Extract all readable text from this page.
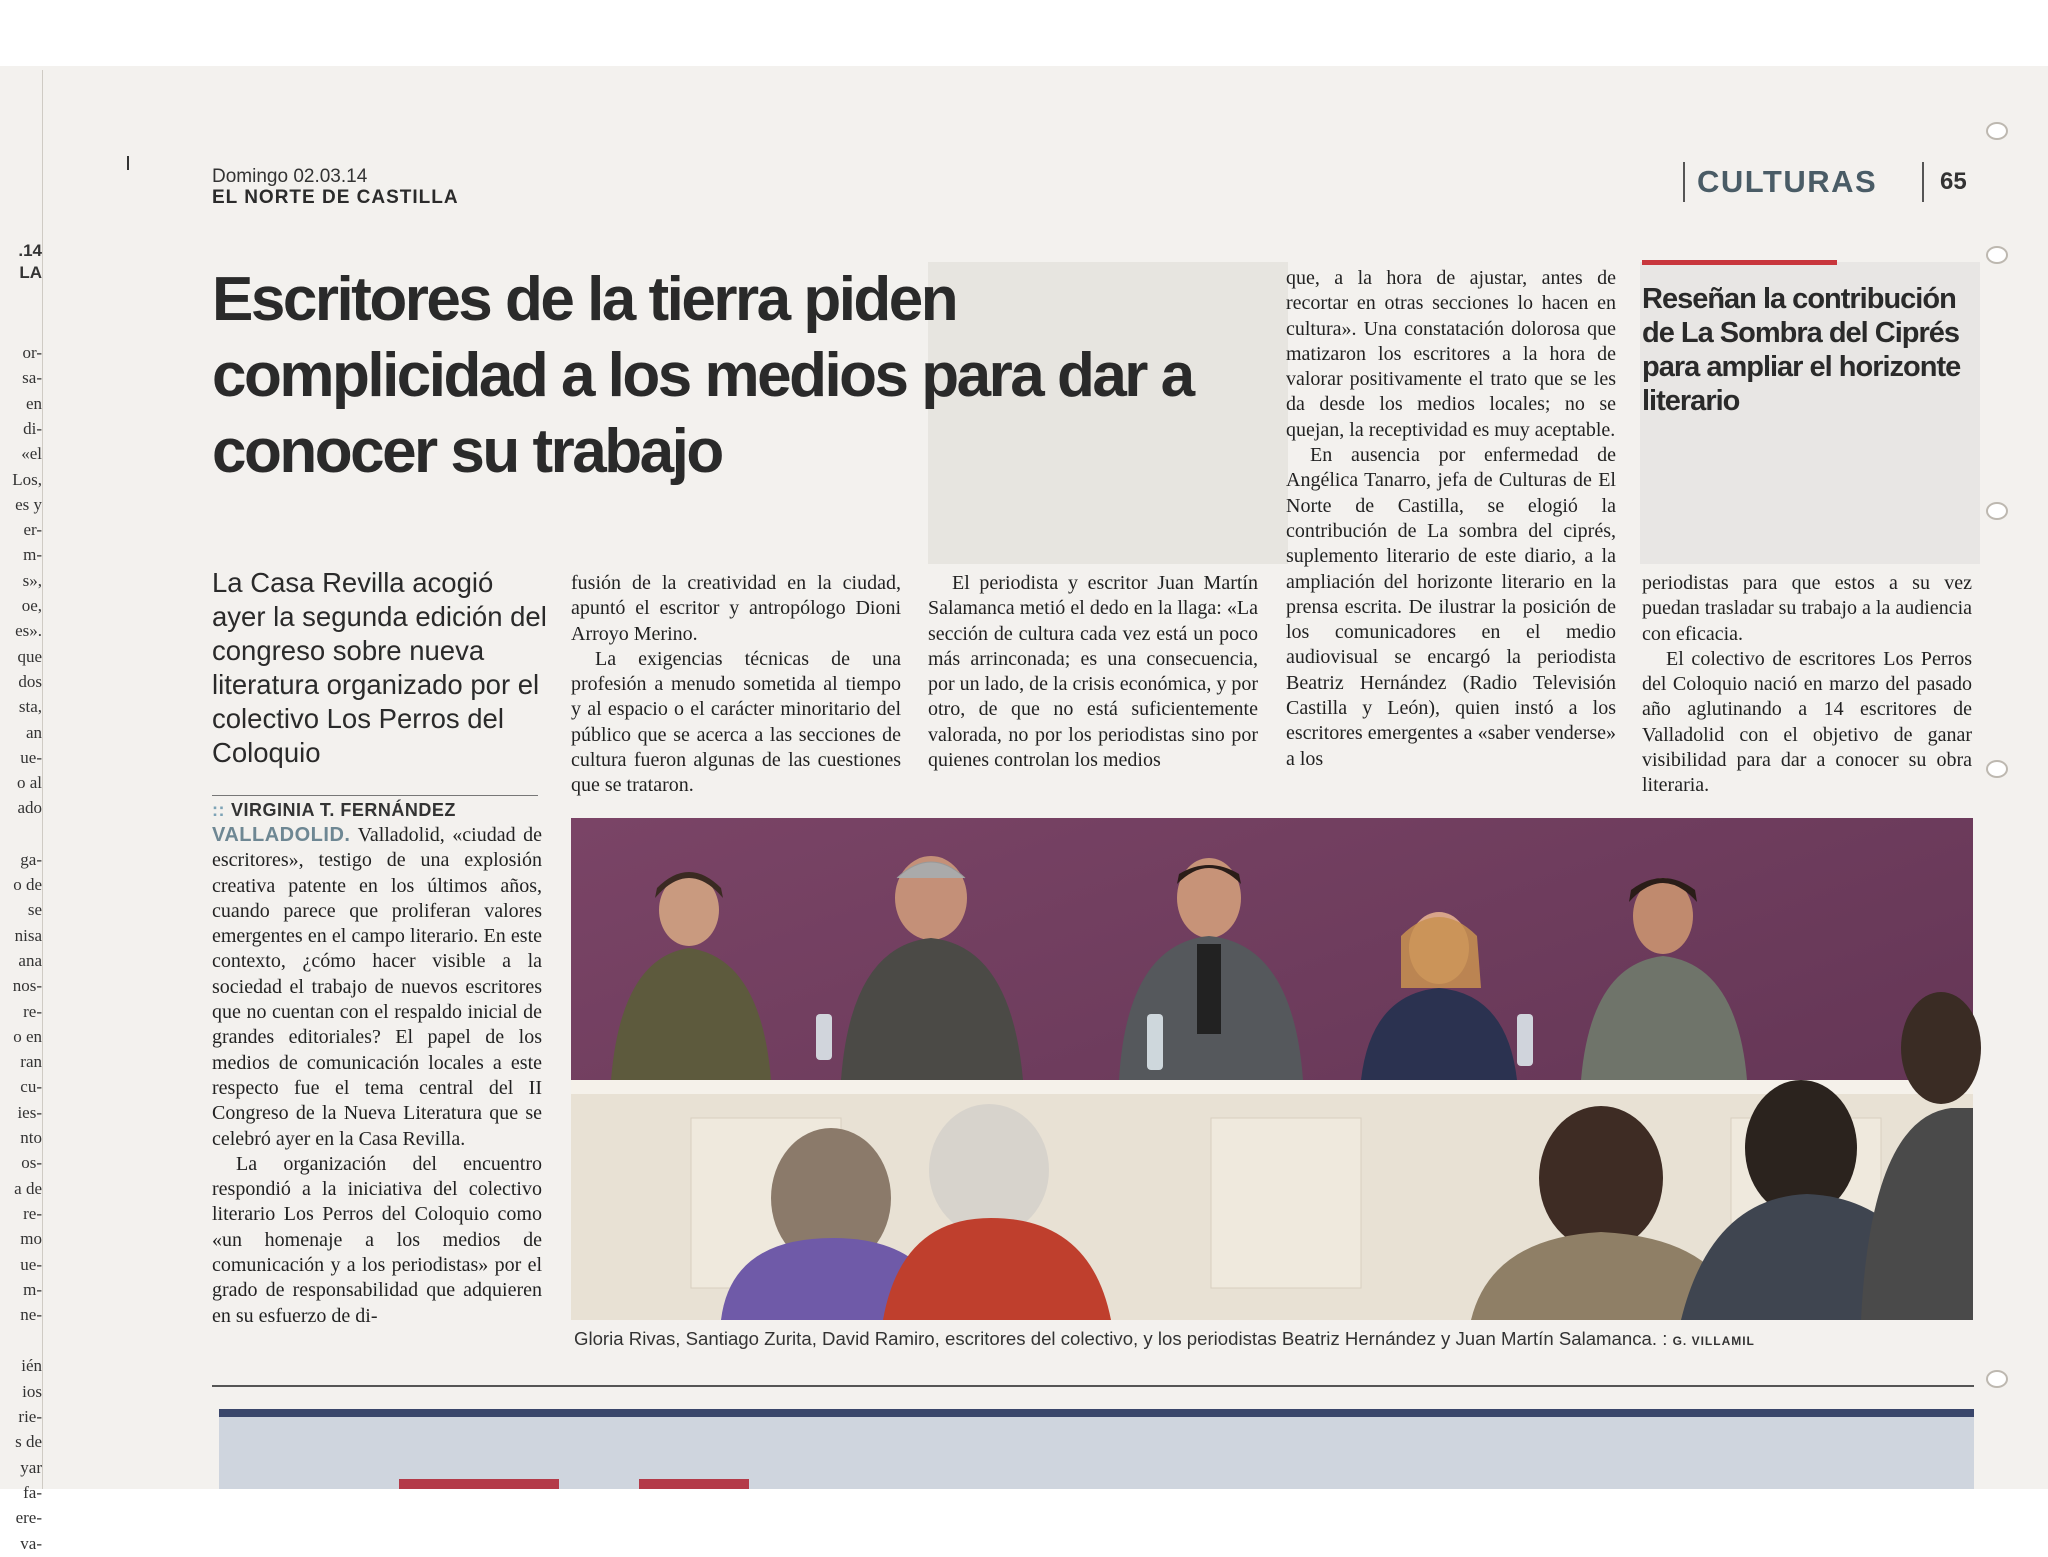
.14
LA
or-
sa-
en
di-
«el
Los,
es y
er-
m-
s»,
oe,
es».
que
dos
sta,
an
ue-
o al
ado
ga-
o de
se
nisa
ana
nos-
re-
o en
ran
cu-
ies-
nto
os-
a de
re-
mo
ue-
m-
ne-
ién
ios
rie-
s de
yar
fa-
ere-
va-
Domingo 02.03.14
EL NORTE DE CASTILLA	CULTURAS	65
Escritores de la tierra piden complicidad a los medios para dar a conocer su trabajo
Reseñan la contribución de La Sombra del Ciprés para ampliar el horizonte literario
La Casa Revilla acogió ayer la segunda edición del congreso sobre nueva literatura organizado por el colectivo Los Perros del Coloquio
:: VIRGINIA T. FERNÁNDEZ

VALLADOLID. Valladolid, «ciudad de escritores», testigo de una explosión creativa patente en los últimos años, cuando parece que proliferan valores emergentes en el campo literario. En este contexto, ¿cómo hacer visible a la sociedad el trabajo de nuevos escritores que no cuentan con el respaldo inicial de grandes editoriales? El papel de los medios de comunicación locales a este respecto fue el tema central del II Congreso de la Nueva Literatura que se celebró ayer en la Casa Revilla.

La organización del encuentro respondió a la iniciativa del colectivo literario Los Perros del Coloquio como «un homenaje a los medios de comunicación y a los periodistas» por el grado de responsabilidad que adquieren en su esfuerzo de di-

fusión de la creatividad en la ciudad, apuntó el escritor y antropólogo Dioni Arroyo Merino.

La exigencias técnicas de una profesión a menudo sometida al tiempo y al espacio o el carácter minoritario del público que se acerca a las secciones de cultura fueron algunas de las cuestiones que se trataron.

El periodista y escritor Juan Martín Salamanca metió el dedo en la llaga: «La sección de cultura cada vez está un poco más arrinconada; es una consecuencia, por un lado, de la crisis económica, y por otro, de que no está suficientemente valorada, no por los periodistas sino por quienes controlan los medios

que, a la hora de ajustar, antes de recortar en otras secciones lo hacen en cultura». Una constatación dolorosa que matizaron los escritores a la hora de valorar positivamente el trato que se les da desde los medios locales; no se quejan, la receptividad es muy aceptable.

En ausencia por enfermedad de Angélica Tanarro, jefa de Culturas de El Norte de Castilla, se elogió la contribución de La sombra del ciprés, suplemento literario de este diario, a la ampliación del horizonte literario en la prensa escrita. De ilustrar la posición de los comunicadores en el medio audiovisual se encargó la periodista Beatriz Hernández (Radio Televisión Castilla y León), quien instó a los escritores emergentes a «saber venderse» a los

periodistas para que estos a su vez puedan trasladar su trabajo a la audiencia con eficacia.

El colectivo de escritores Los Perros del Coloquio nació en marzo del pasado año aglutinando a 14 escritores de Valladolid con el objetivo de ganar visibilidad para dar a conocer su obra literaria.

Gloria Rivas, Santiago Zurita, David Ramiro, escritores del colectivo, y los periodistas Beatriz Hernández y Juan Martín Salamanca. : G. VILLAMIL
